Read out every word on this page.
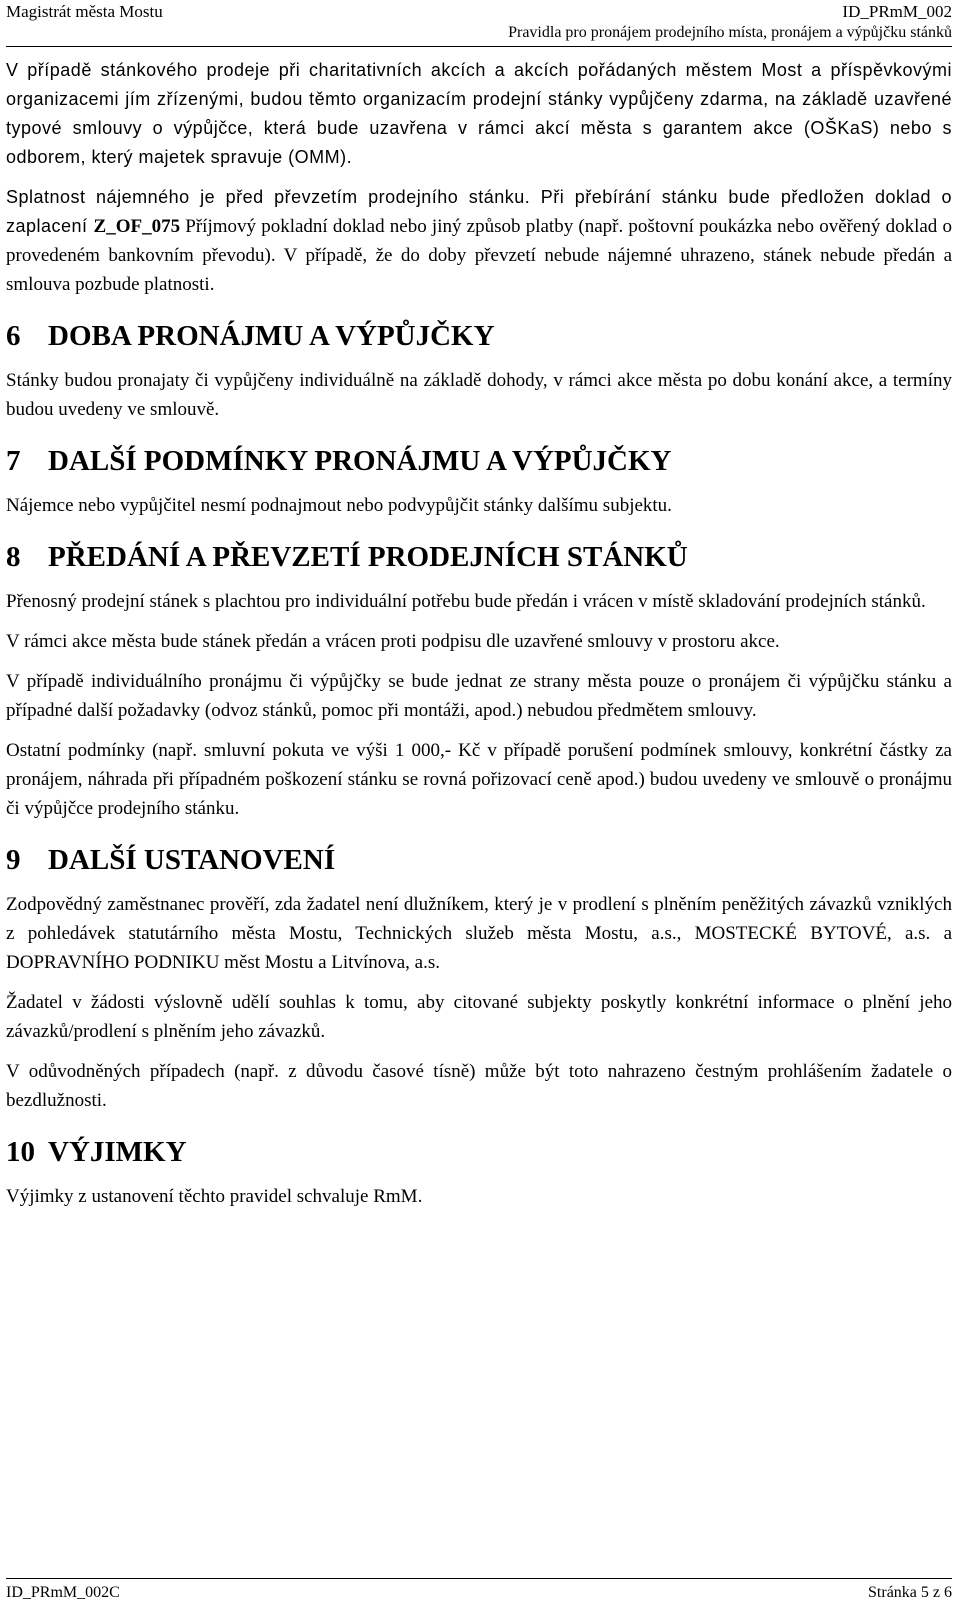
Magistrát města Mostu	ID_PRmM_002
Pravidla pro pronájem prodejního místa, pronájem a výpůjčku stánků

V případě stánkového prodeje při charitativních akcích a akcích pořádaných městem Most a příspěvkovými organizacemi jím zřízenými, budou těmto organizacím prodejní stánky vypůjčeny zdarma, na základě uzavřené typové smlouvy o výpůjčce, která bude uzavřena v rámci akcí města s garantem akce (OŠKaS) nebo s odborem, který majetek spravuje (OMM).

Splatnost nájemného je před převzetím prodejního stánku. Při přebírání stánku bude předložen doklad o zaplacení Z_OF_075 Příjmový pokladní doklad nebo jiný způsob platby (např. poštovní poukázka nebo ověřený doklad o provedeném bankovním převodu). V případě, že do doby převzetí nebude nájemné uhrazeno, stánek nebude předán a smlouva pozbude platnosti.

6 DOBA PRONÁJMU A VÝPŮJČKY

Stánky budou pronajaty či vypůjčeny individuálně na základě dohody, v rámci akce města po dobu konání akce, a termíny budou uvedeny ve smlouvě.

7 DALŠÍ PODMÍNKY PRONÁJMU A VÝPŮJČKY

Nájemce nebo vypůjčitel nesmí podnajmout nebo podvypůjčit stánky dalšímu subjektu.

8 PŘEDÁNÍ A PŘEVZETÍ PRODEJNÍCH STÁNKŮ

Přenosný prodejní stánek s plachtou pro individuální potřebu bude předán i vrácen v místě skladování prodejních stánků.

V rámci akce města bude stánek předán a vrácen proti podpisu dle uzavřené smlouvy v prostoru akce.

V případě individuálního pronájmu či výpůjčky se bude jednat ze strany města pouze o pronájem či výpůjčku stánku a případné další požadavky (odvoz stánků, pomoc při montáži, apod.) nebudou předmětem smlouvy.

Ostatní podmínky (např. smluvní pokuta ve výši 1 000,- Kč v případě porušení podmínek smlouvy, konkrétní částky za pronájem, náhrada při případném poškození stánku se rovná pořizovací ceně apod.) budou uvedeny ve smlouvě o pronájmu či výpůjčce prodejního stánku.

9 DALŠÍ USTANOVENÍ

Zodpovědný zaměstnanec prověří, zda žadatel není dlužníkem, který je v prodlení s plněním peněžitých závazků vzniklých z pohledávek statutárního města Mostu, Technických služeb města Mostu, a.s., MOSTECKÉ BYTOVÉ, a.s. a DOPRAVNÍHO PODNIKU měst Mostu a Litvínova, a.s.

Žadatel v žádosti výslovně udělí souhlas k tomu, aby citované subjekty poskytly konkrétní informace o plnění jeho závazků/prodlení s plněním jeho závazků.

V odůvodněných případech (např. z důvodu časové tísně) může být toto nahrazeno čestným prohlášením žadatele o bezdlužnosti.

10 VÝJIMKY

Výjimky z ustanovení těchto pravidel schvaluje RmM.

ID_PRmM_002C	Stránka 5 z 6
